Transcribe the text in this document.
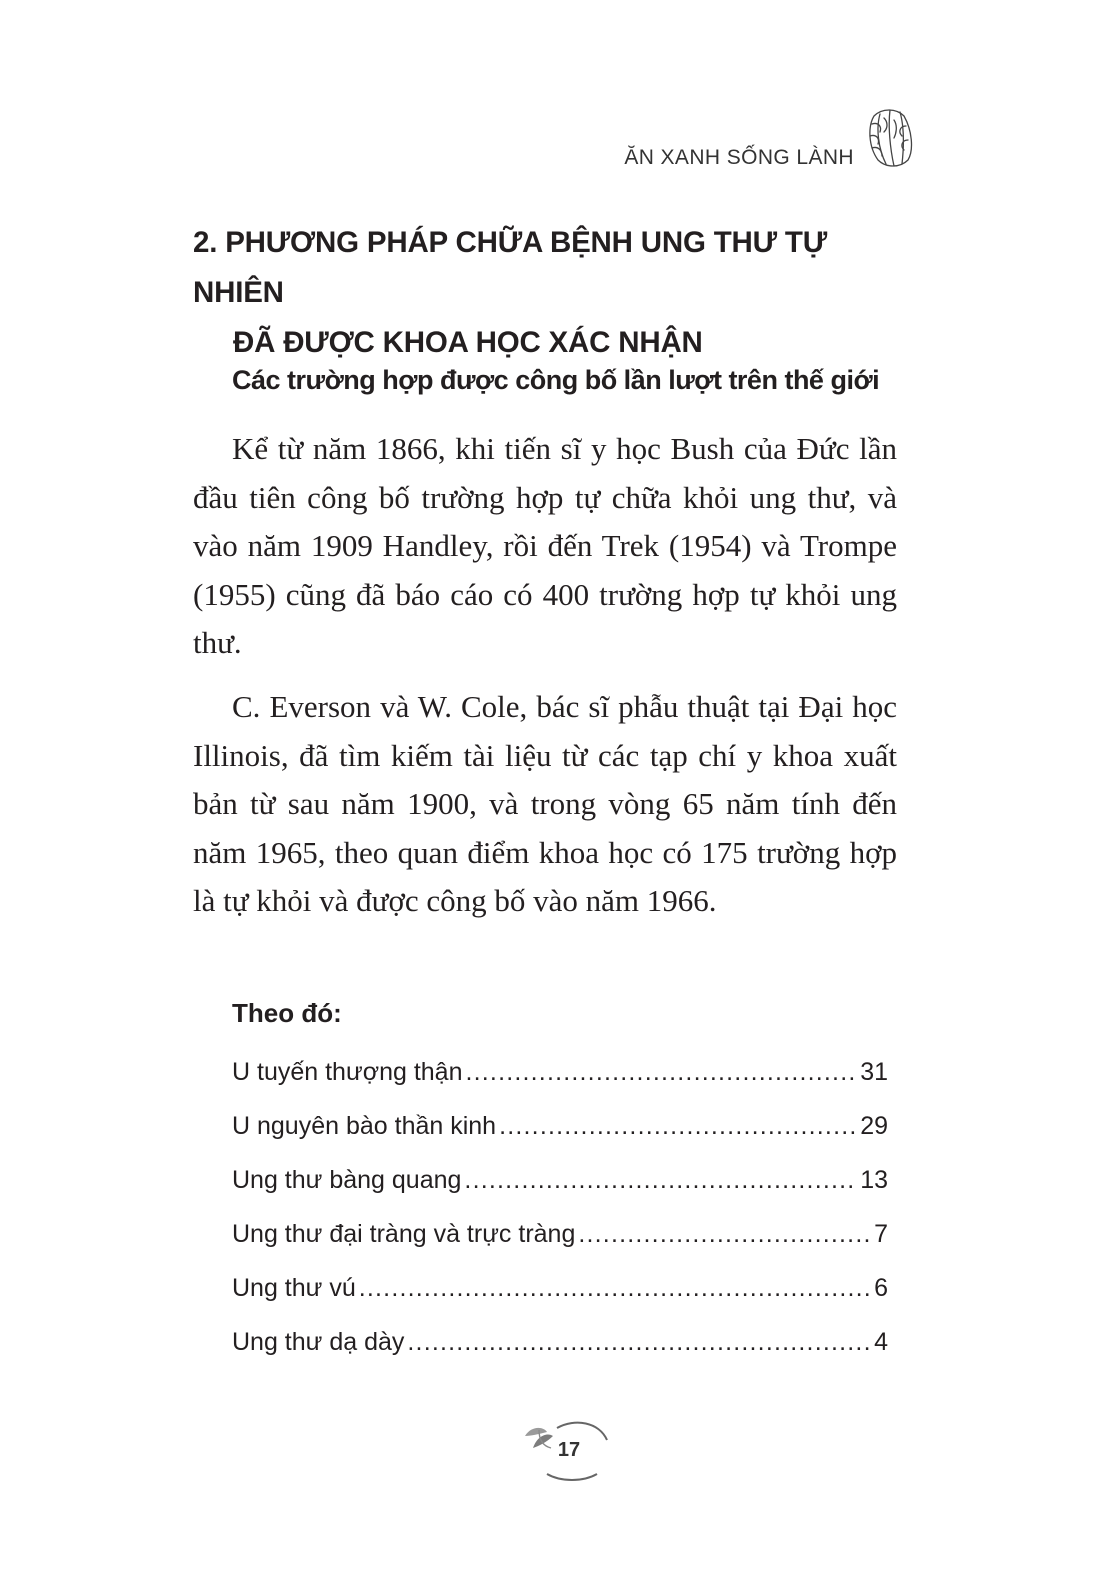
ĂN XANH SỐNG LÀNH
2. PHƯƠNG PHÁP CHỮA BỆNH UNG THƯ TỰ NHIÊN
ĐÃ ĐƯỢC KHOA HỌC XÁC NHẬN
Các trường hợp được công bố lần lượt trên thế giới

Kể từ năm 1866, khi tiến sĩ y học Bush của Đức lần đầu tiên công bố trường hợp tự chữa khỏi ung thư, và vào năm 1909 Handley, rồi đến Trek (1954) và Trompe (1955) cũng đã báo cáo có 400 trường hợp tự khỏi ung thư.

C. Everson và W. Cole, bác sĩ phẫu thuật tại Đại học Illinois, đã tìm kiếm tài liệu từ các tạp chí y khoa xuất bản từ sau năm 1900, và trong vòng 65 năm tính đến năm 1965, theo quan điểm khoa học có 175 trường hợp là tự khỏi và được công bố vào năm 1966.

Theo đó:

U tuyến thượng thận .....	31
U nguyên bào thần kinh .....	29
Ung thư bàng quang .....	13
Ung thư đại tràng và trực tràng .....	7
Ung thư vú .....	6
Ung thư dạ dày .....	4
17
